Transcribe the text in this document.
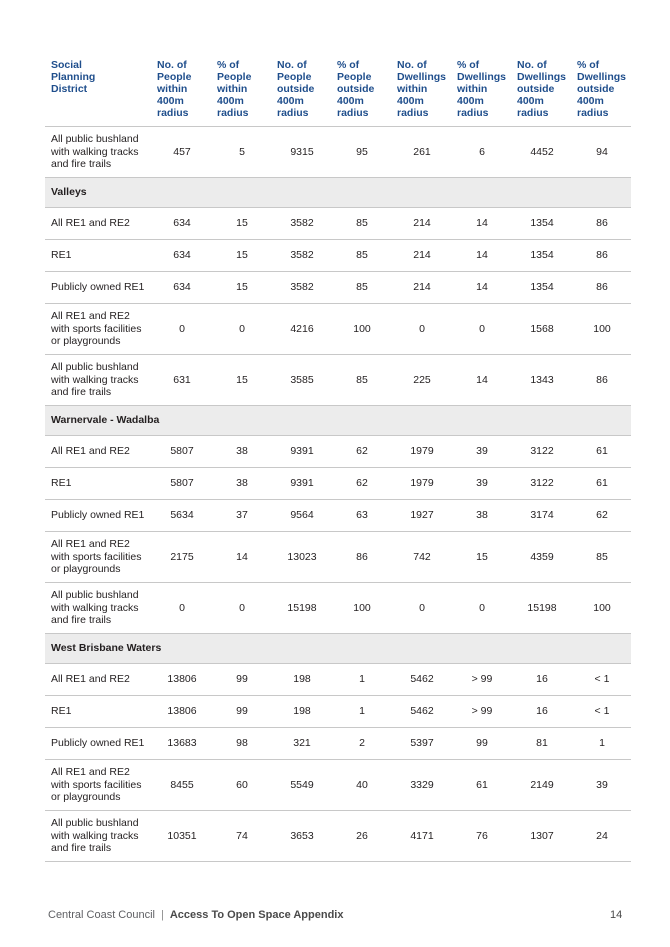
Social
Planning
District	No. of
People
within
400m
radius	% of
People
within
400m
radius	No. of
People
outside
400m
radius	% of
People
outside
400m
radius	No. of
Dwellings
within
400m
radius	% of
Dwellings
within
400m
radius	No. of
Dwellings
outside
400m
radius	% of
Dwellings
outside
400m
radius
All public bushland with walking tracks and fire trails	457	5	9315	95	261	6	4452	94
Valleys								
All RE1 and RE2	634	15	3582	85	214	14	1354	86
RE1	634	15	3582	85	214	14	1354	86
Publicly owned RE1	634	15	3582	85	214	14	1354	86
All RE1 and RE2 with sports facilities or playgrounds	0	0	4216	100	0	0	1568	100
All public bushland with walking tracks and fire trails	631	15	3585	85	225	14	1343	86
Warnervale - Wadalba								
All RE1 and RE2	5807	38	9391	62	1979	39	3122	61
RE1	5807	38	9391	62	1979	39	3122	61
Publicly owned RE1	5634	37	9564	63	1927	38	3174	62
All RE1 and RE2 with sports facilities or playgrounds	2175	14	13023	86	742	15	4359	85
All public bushland with walking tracks and fire trails	0	0	15198	100	0	0	15198	100
West Brisbane Waters								
All RE1 and RE2	13806	99	198	1	5462	> 99	16	< 1
RE1	13806	99	198	1	5462	> 99	16	< 1
Publicly owned RE1	13683	98	321	2	5397	99	81	1
All RE1 and RE2 with sports facilities or playgrounds	8455	60	5549	40	3329	61	2149	39
All public bushland with walking tracks and fire trails	10351	74	3653	26	4171	76	1307	24
Central Coast Council | Access To Open Space Appendix	14
